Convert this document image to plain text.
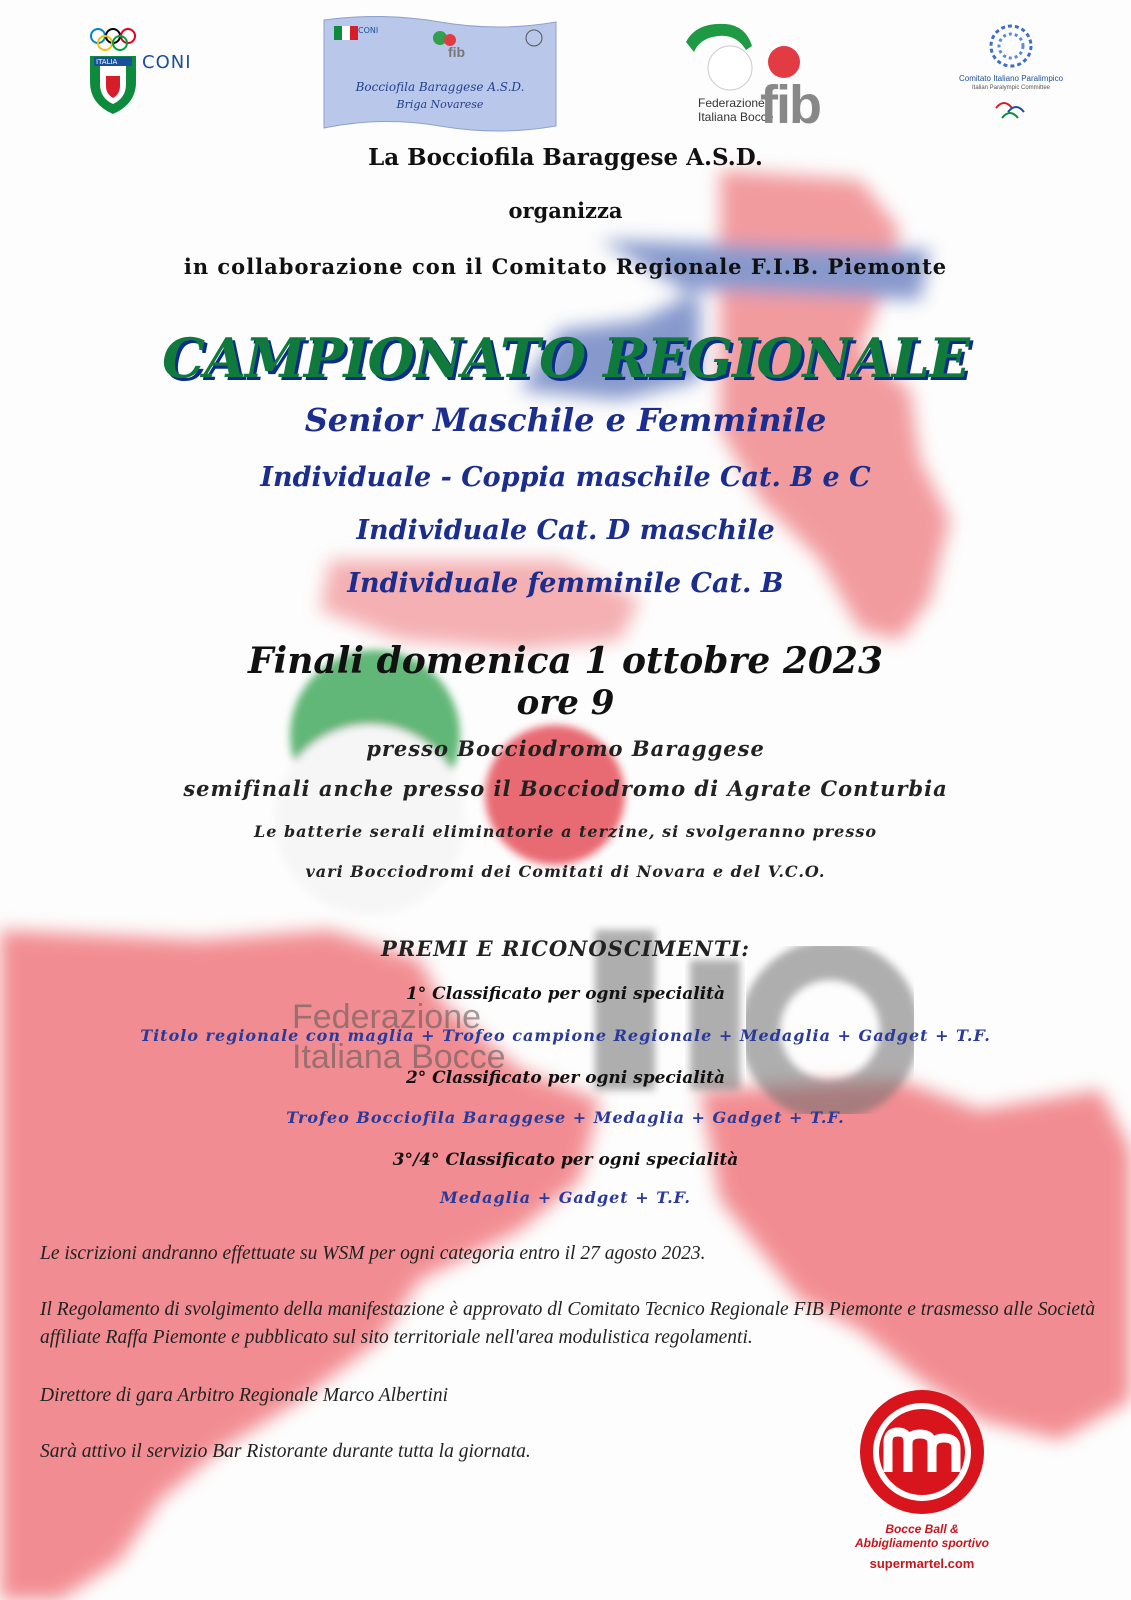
Federazione
Italiana Bocce
ITALIA CONI
CONI
fib
Bocciofila Baraggese A.S.D.
Briga Novarese	Federazione
Italiana Bocce
fib	Comitato Italiano Paralimpico
Italian Paralympic Committee
La Bocciofila Baraggese A.S.D.
organizza
in collaborazione con il Comitato Regionale F.I.B. Piemonte
CAMPIONATO REGIONALE
Senior Maschile e Femminile
Individuale - Coppia maschile Cat. B e C
Individuale Cat. D maschile
Individuale femminile Cat. B
Finali domenica 1 ottobre 2023
ore 9
presso Bocciodromo Baraggese
semifinali anche presso il Bocciodromo di Agrate Conturbia
Le batterie serali eliminatorie a terzine, si svolgeranno presso
vari Bocciodromi dei Comitati di Novara e del V.C.O.
PREMI E RICONOSCIMENTI:
1° Classificato per ogni specialità
Titolo regionale con maglia + Trofeo campione Regionale + Medaglia + Gadget + T.F.
2° Classificato per ogni specialità
Trofeo Bocciofila Baraggese + Medaglia + Gadget + T.F.
3°/4° Classificato per ogni specialità
Medaglia + Gadget + T.F.
Le iscrizioni andranno effettuate su WSM per ogni categoria entro il 27 agosto 2023.
Il Regolamento di svolgimento della manifestazione è approvato dl Comitato Tecnico Regionale FIB Piemonte e trasmesso alle Società affiliate Raffa Piemonte e pubblicato sul sito territoriale nell'area modulistica regolamenti.
Direttore di gara Arbitro Regionale Marco Albertini
Sarà attivo il servizio Bar Ristorante durante tutta la giornata.
Bocce Ball &
Abbigliamento sportivo
supermartel.com
